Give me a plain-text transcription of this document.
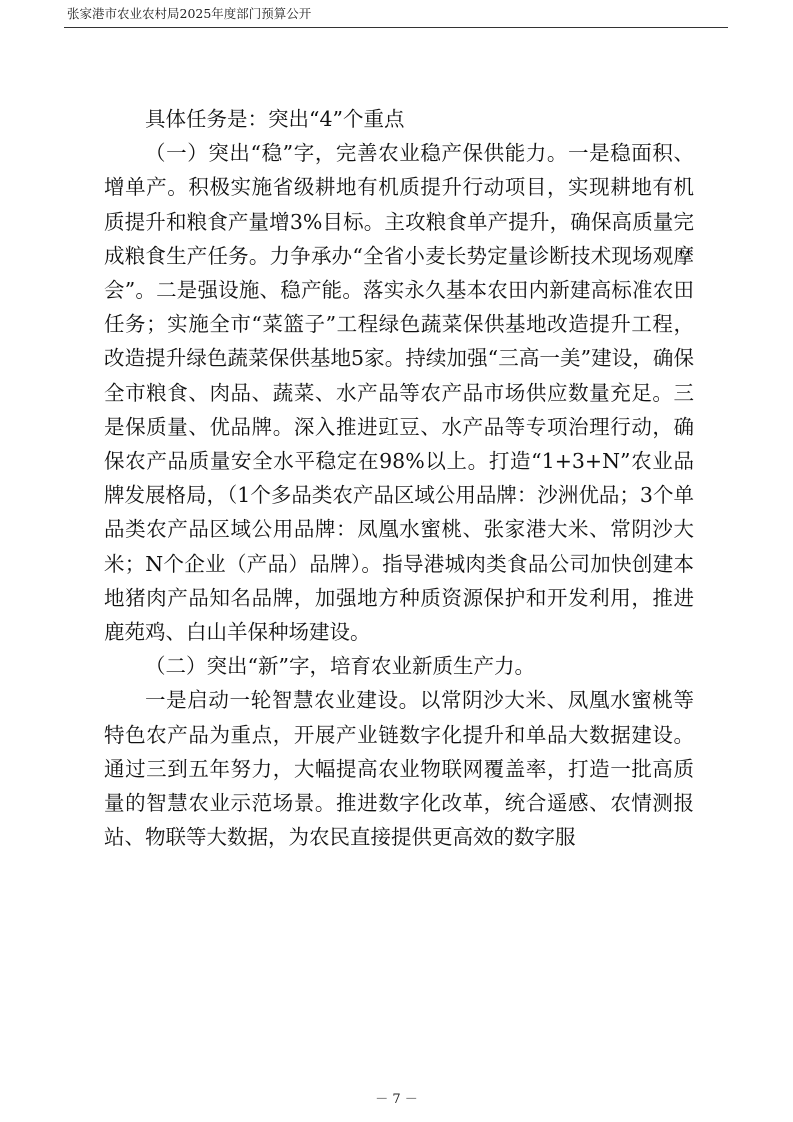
张家港市农业农村局2025年度部门预算公开

具体任务是：突出“4”个重点

（一）突出“稳”字，完善农业稳产保供能力。一是稳面积、增单产。积极实施省级耕地有机质提升行动项目，实现耕地有机质提升和粮食产量增3%目标。主攻粮食单产提升，确保高质量完成粮食生产任务。力争承办“全省小麦长势定量诊断技术现场观摩会”。二是强设施、稳产能。落实永久基本农田内新建高标准农田任务；实施全市“菜篮子”工程绿色蔬菜保供基地改造提升工程，改造提升绿色蔬菜保供基地5家。持续加强“三高一美”建设，确保全市粮食、肉品、蔬菜、水产品等农产品市场供应数量充足。三是保质量、优品牌。深入推进豇豆、水产品等专项治理行动，确保农产品质量安全水平稳定在98%以上。打造“1+3+N”农业品牌发展格局，（1个多品类农产品区域公用品牌：沙洲优品；3个单品类农产品区域公用品牌：凤凰水蜜桃、张家港大米、常阴沙大米；N个企业（产品）品牌）。指导港城肉类食品公司加快创建本地猪肉产品知名品牌，加强地方种质资源保护和开发利用，推进鹿苑鸡、白山羊保种场建设。

（二）突出“新”字，培育农业新质生产力。

一是启动一轮智慧农业建设。以常阴沙大米、凤凰水蜜桃等特色农产品为重点，开展产业链数字化提升和单品大数据建设。通过三到五年努力，大幅提高农业物联网覆盖率，打造一批高质量的智慧农业示范场景。推进数字化改革，统合遥感、农情测报站、物联等大数据，为农民直接提供更高效的数字服

－ 7 －
